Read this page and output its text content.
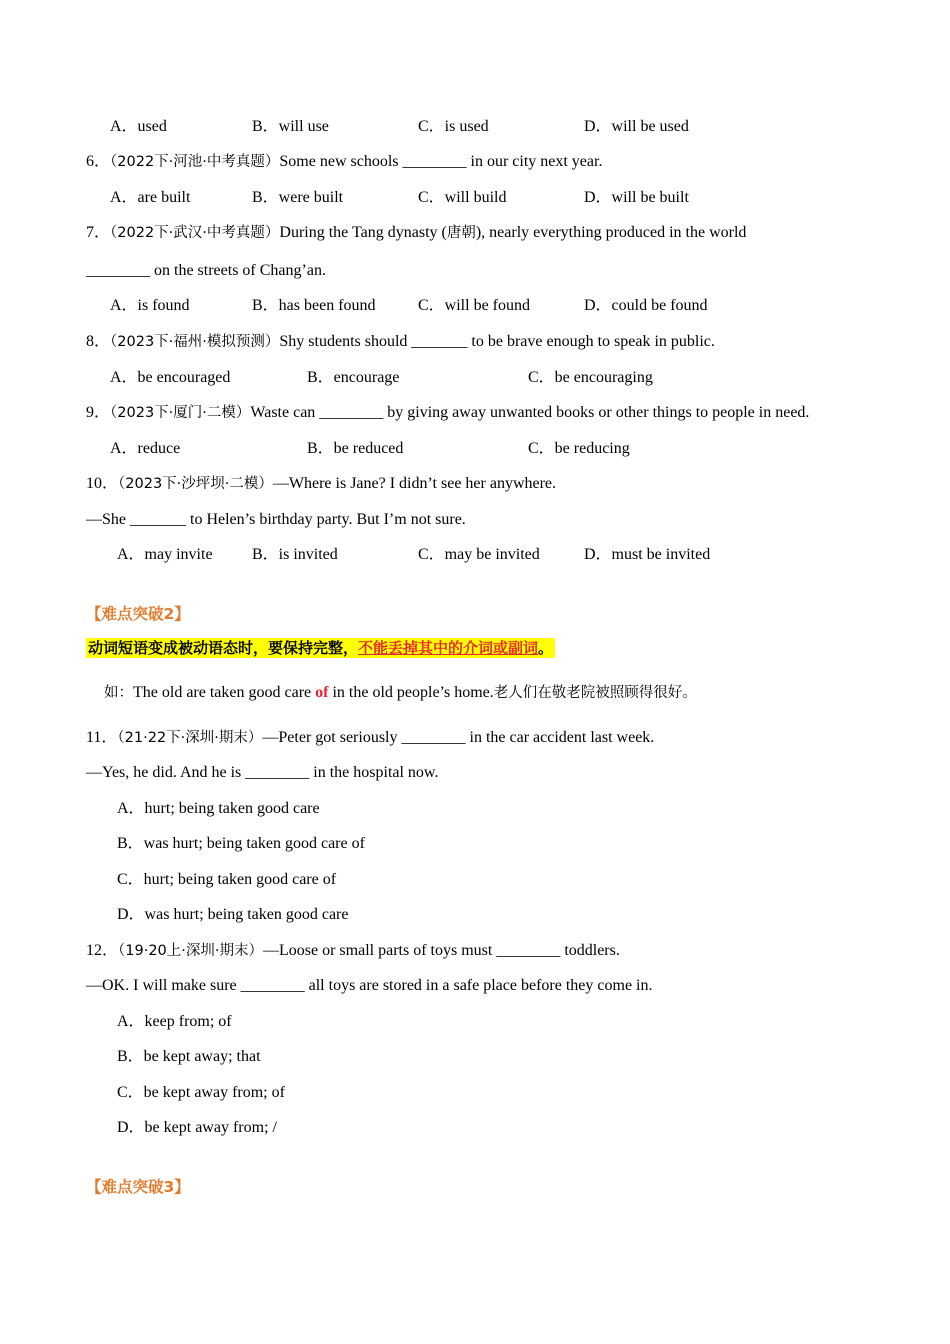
A．used	B．will use	C．is used	D．will be used
6．（2022下·河池·中考真题）Some new schools ________ in our city next year.
A．are built	B．were built	C．will build	D．will be built
7．（2022下·武汉·中考真题）During the Tang dynasty (唐朝), nearly everything produced in the world
________ on the streets of Chang’an.
A．is found	B．has been found	C．will be found	D．could be found
8．（2023下·福州·模拟预测）Shy students should _______ to be brave enough to speak in public.
A．be encouraged	B．encourage	C．be encouraging
9．（2023下·厦门·二模）Waste can ________ by giving away unwanted books or other things to people in need.
A．reduce	B．be reduced	C．be reducing
10．（2023下·沙坪坝·二模）—Where is Jane? I didn’t see her anywhere.
—She _______ to Helen’s birthday party. But I’m not sure.
A．may invite B．is invited	C．may be invited	D．must be invited
【难点突破2】
动词短语变成被动语态时，要保持完整，不能丢掉其中的介词或副词。
如：The old are taken good care of in the old people’s home.老人们在敬老院被照顾得很好。
11．（21·22下·深圳·期末）—Peter got seriously ________ in the car accident last week.
—Yes, he did. And he is ________ in the hospital now.
A．hurt; being taken good care
B．was hurt; being taken good care of
C．hurt; being taken good care of
D．was hurt; being taken good care
12．（19·20上·深圳·期末）—Loose or small parts of toys must ________ toddlers.
—OK. I will make sure ________ all toys are stored in a safe place before they come in.
A．keep from; of
B．be kept away; that
C．be kept away from; of
D．be kept away from; /
【难点突破3】
